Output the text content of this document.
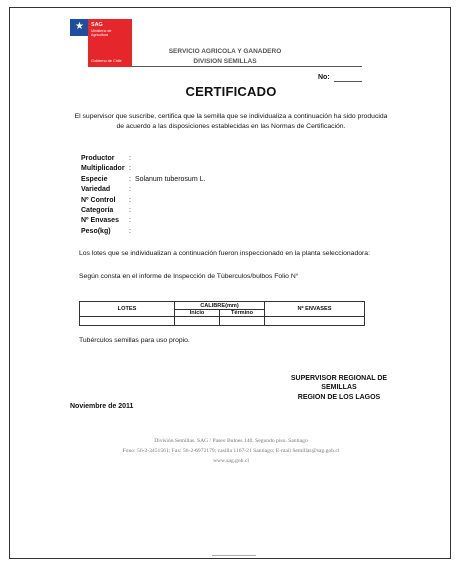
★ SAG
Ministerio de Agricultura
Gobierno de Chile
SERVICIO AGRICOLA Y GANADERO
DIVISION SEMILLAS
No:
CERTIFICADO
El supervisor que suscribe, certifica que la semilla que se individualiza a continuación ha sido producida de acuerdo a las disposiciones establecidas en las Normas de Certificación.
Productor	:
Multiplicador :
Especie	: Solanum tuberosum L.
Variedad	:
Nº Control	:
Categoría	:
Nº Envases	:
Peso(kg)	:
Los lotes que se individualizan a continuación fueron inspeccionado en la planta seleccionadora:
Según consta en el informe de Inspección de Tùberculos/bulbos Folio N°
LOTES	CALIBRE(mm)		Nº ENVASES
	Inicio	Término	

Tubérculos semillas para uso propio.
SUPERVISOR REGIONAL DE
SEMILLAS
REGION DE LOS LAGOS
Noviembre de 2011
División Semillas. SAG / Paseo Bulnes 140, Segundo piso. Santiago
Fono: 56-2-3451561; Fax: 56-2-6972179; casilla 1167-21 Santiago; E-mail Semillas@sag.gob.cl
www.sag.gob.cl
